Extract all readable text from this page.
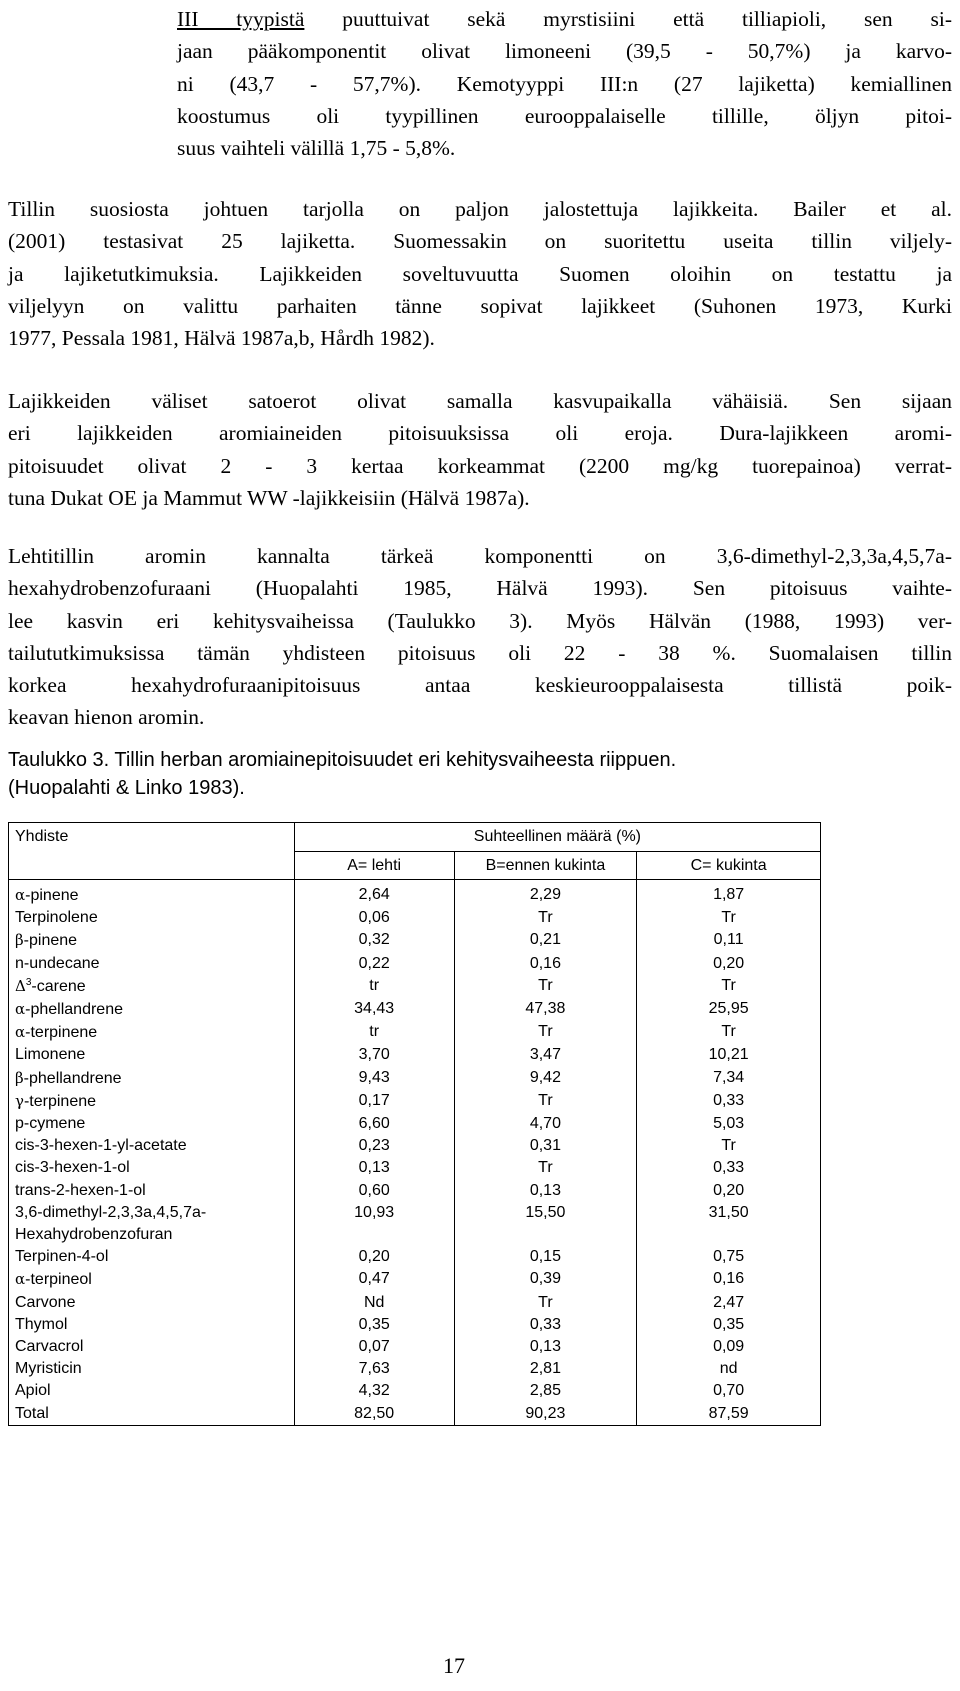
III tyypistä puuttuivat sekä myrstisiini että tilliapioli, sen si-
jaan pääkomponentit olivat limoneeni (39,5 - 50,7%) ja karvo-
ni (43,7 - 57,7%). Kemotyyppi III:n (27 lajiketta) kemiallinen
koostumus oli tyypillinen eurooppalaiselle tillille, öljyn pitoi-
suus vaihteli välillä 1,75 - 5,8%.
Tillin suosiosta johtuen tarjolla on paljon jalostettuja lajikkeita. Bailer et al.
(2001) testasivat 25 lajiketta. Suomessakin on suoritettu useita tillin viljely-
ja lajiketutkimuksia. Lajikkeiden soveltuvuutta Suomen oloihin on testattu ja
viljelyyn on valittu parhaiten tänne sopivat lajikkeet (Suhonen 1973, Kurki
1977, Pessala 1981, Hälvä 1987a,b, Hårdh 1982).
Lajikkeiden väliset satoerot olivat samalla kasvupaikalla vähäisiä. Sen sijaan
eri lajikkeiden aromiaineiden pitoisuuksissa oli eroja. Dura-lajikkeen aromi-
pitoisuudet olivat 2 - 3 kertaa korkeammat (2200 mg/kg tuorepainoa) verrat-
tuna Dukat OE ja Mammut WW -lajikkeisiin (Hälvä 1987a).
Lehtitillin aromin kannalta tärkeä komponentti on 3,6-dimethyl-2,3,3a,4,5,7a-
hexahydrobenzofuraani (Huopalahti 1985, Hälvä 1993). Sen pitoisuus vaihte-
lee kasvin eri kehitysvaiheissa (Taulukko 3). Myös Hälvän (1988, 1993) ver-
tailututkimuksissa tämän yhdisteen pitoisuus oli 22 - 38 %. Suomalaisen tillin
korkea hexahydrofuraanipitoisuus antaa keskieurooppalaisesta tillistä poik-
keavan hienon aromin.
Taulukko 3. Tillin herban aromiainepitoisuudet eri kehitysvaiheesta riippuen.
(Huopalahti & Linko 1983).
Yhdiste	Suhteellinen määrä (%)		
	A= lehti	B=ennen kukinta	C= kukinta
α-pinene	2,64	2,29	1,87
Terpinolene	0,06	Tr	Tr
β-pinene	0,32	0,21	0,11
n-undecane	0,22	0,16	0,20
$\Delta^3$-carene	tr	Tr	Tr
α-phellandrene	34,43	47,38	25,95
α-terpinene	tr	Tr	Tr
Limonene	3,70	3,47	10,21
β-phellandrene	9,43	9,42	7,34
γ-terpinene	0,17	Tr	0,33
p-cymene	6,60	4,70	5,03
cis-3-hexen-1-yl-acetate	0,23	0,31	Tr
cis-3-hexen-1-ol	0,13	Tr	0,33
trans-2-hexen-1-ol	0,60	0,13	0,20
3,6-dimethyl-2,3,3a,4,5,7a-
Hexahydrobenzofuran	10,93	15,50	31,50
Terpinen-4-ol	0,20	0,15	0,75
α-terpineol	0,47	0,39	0,16
Carvone	Nd	Tr	2,47
Thymol	0,35	0,33	0,35
Carvacrol	0,07	0,13	0,09
Myristicin	7,63	2,81	nd
Apiol	4,32	2,85	0,70
Total	82,50	90,23	87,59
17
